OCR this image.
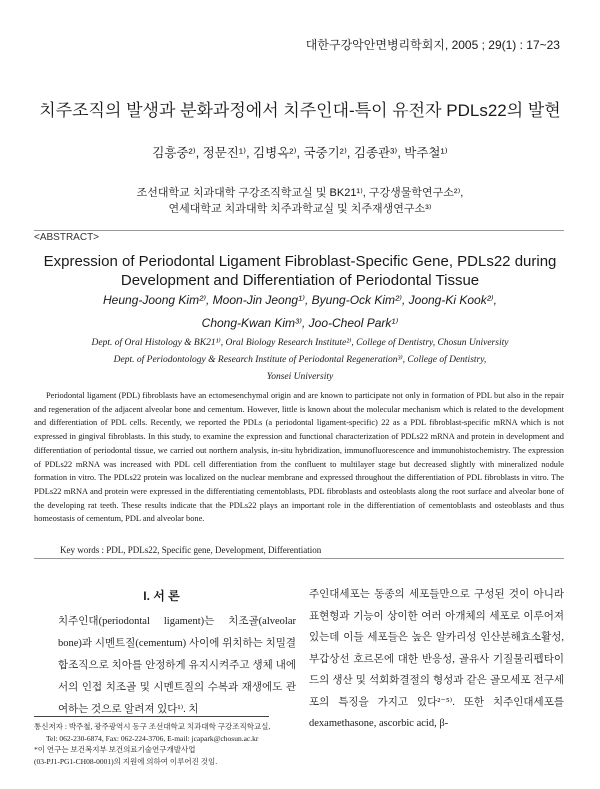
대한구강악안면병리학회지, 2005 ; 29(1) : 17~23
치주조직의 발생과 분화과정에서 치주인대-특이 유전자 PDLs22의 발현
김흥중²⁾, 정문진¹⁾, 김병옥²⁾, 국중기²⁾, 김종관³⁾, 박주철¹⁾
조선대학교 치과대학 구강조직학교실 및 BK21¹⁾, 구강생물학연구소²⁾,
연세대학교 치과대학 치주과학교실 및 치주재생연구소³⁾
<ABSTRACT>
Expression of Periodontal Ligament Fibroblast-Specific Gene, PDLs22 during Development and Differentiation of Periodontal Tissue
Heung-Joong Kim²⁾, Moon-Jin Jeong¹⁾, Byung-Ock Kim²⁾, Joong-Ki Kook²⁾,
Chong-Kwan Kim³⁾, Joo-Cheol Park¹⁾
Dept. of Oral Histology & BK21¹⁾, Oral Biology Research Institute²⁾, College of Dentistry, Chosun University
Dept. of Periodontology & Research Institute of Periodontal Regeneration³⁾, College of Dentistry,
Yonsei University
Periodontal ligament (PDL) fibroblasts have an ectomesenchymal origin and are known to participate not only in formation of PDL but also in the repair and regeneration of the adjacent alveolar bone and cementum. However, little is known about the molecular mechanism which is related to the development and differentiation of PDL cells. Recently, we reported the PDLs (a periodontal ligament-specific) 22 as a PDL fibroblast-specific mRNA which is not expressed in gingival fibroblasts. In this study, to examine the expression and functional characterization of PDLs22 mRNA and protein in development and differentiation of periodontal tissue, we carried out northern analysis, in-situ hybridization, immunofluorescence and immunohistochemistry. The expression of PDLs22 mRNA was increased with PDL cell differentiation from the confluent to multilayer stage but decreased slightly with mineralized nodule formation in vitro. The PDLs22 protein was localized on the nuclear membrane and expressed throughout the differentiation of PDL fibroblasts in vitro. The PDLs22 mRNA and protein were expressed in the differentiating cementoblasts, PDL fibroblasts and osteoblasts along the root surface and alveolar bone of the developing rat teeth. These results indicate that the PDLs22 plays an important role in the differentiation of cementoblasts and osteoblasts and thus homeostasis of cementum, PDL and alveolar bone.
Key words : PDL, PDLs22, Specific gene, Development, Differentiation
I. 서 론
치주인대(periodontal ligament)는 치조골(alveolar bone)과 시멘트질(cementum) 사이에 위치하는 치밀결합조직으로 치아를 안정하게 유지시켜주고 생체 내에서의 인접 치조골 및 시멘트질의 수복과 재생에도 관여하는 것으로 알려져 있다¹⁾. 치
주인대세포는 동종의 세포들만으로 구성된 것이 아니라 표현형과 기능이 상이한 여러 아개체의 세포로 이루어져 있는데 이들 세포들은 높은 알카리성 인산분해효소활성, 부갑상선 호르몬에 대한 반응성, 골유사 기질물리펩타이드의 생산 및 석회화결절의 형성과 같은 골모세포 전구세포의 특징을 가지고 있다²⁻⁵⁾. 또한 치주인대세포를 dexamethasone, ascorbic acid, β-
통신저자 : 박주철, 광주광역시 동구 조선대학교 치과대학 구강조직학교실,
Tel: 062-230-6874, Fax: 062-224-3706, E-mail: jcapark@chosun.ac.kr
*이 연구는 보건복지부 보건의료기술연구개발사업
(03-PJ1-PG1-CH08-0001)의 지원에 의하여 이루어진 것임.
